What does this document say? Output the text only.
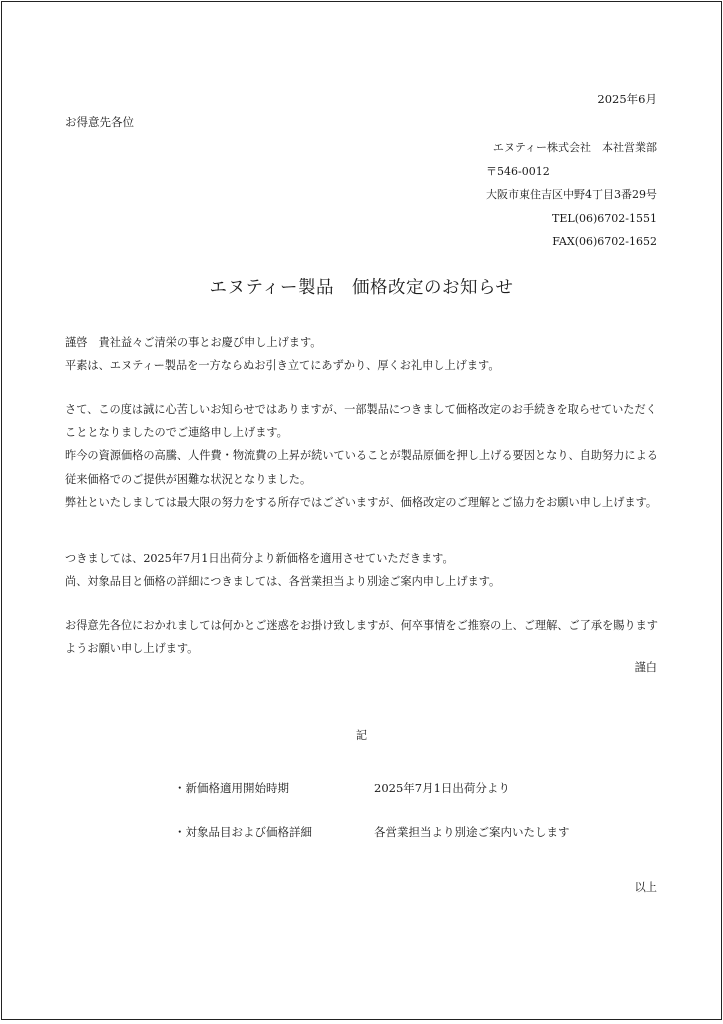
2025年6月
お得意先各位
エヌティー株式会社　本社営業部
〒546-0012
大阪市東住吉区中野4丁目3番29号
TEL(06)6702-1551
FAX(06)6702-1652
エヌティー製品　価格改定のお知らせ

謹啓　貴社益々ご清栄の事とお慶び申し上げます。

平素は、エヌティー製品を一方ならぬお引き立てにあずかり、厚くお礼申し上げます。

さて、この度は誠に心苦しいお知らせではありますが、一部製品につきまして価格改定のお手続きを取らせていただくこととなりましたのでご連絡申し上げます。

昨今の資源価格の高騰、人件費・物流費の上昇が続いていることが製品原価を押し上げる要因となり、自助努力による従来価格でのご提供が困難な状況となりました。

弊社といたしましては最大限の努力をする所存ではございますが、価格改定のご理解とご協力をお願い申し上げます。

つきましては、2025年7月1日出荷分より新価格を適用させていただきます。

尚、対象品目と価格の詳細につきましては、各営業担当より別途ご案内申し上げます。

お得意先各位におかれましては何かとご迷惑をお掛け致しますが、何卒事情をご推察の上、ご理解、ご了承を賜りますようお願い申し上げます。

謹白
記
・新価格適用開始時期	2025年7月1日出荷分より
・対象品目および価格詳細	各営業担当より別途ご案内いたします
以上
